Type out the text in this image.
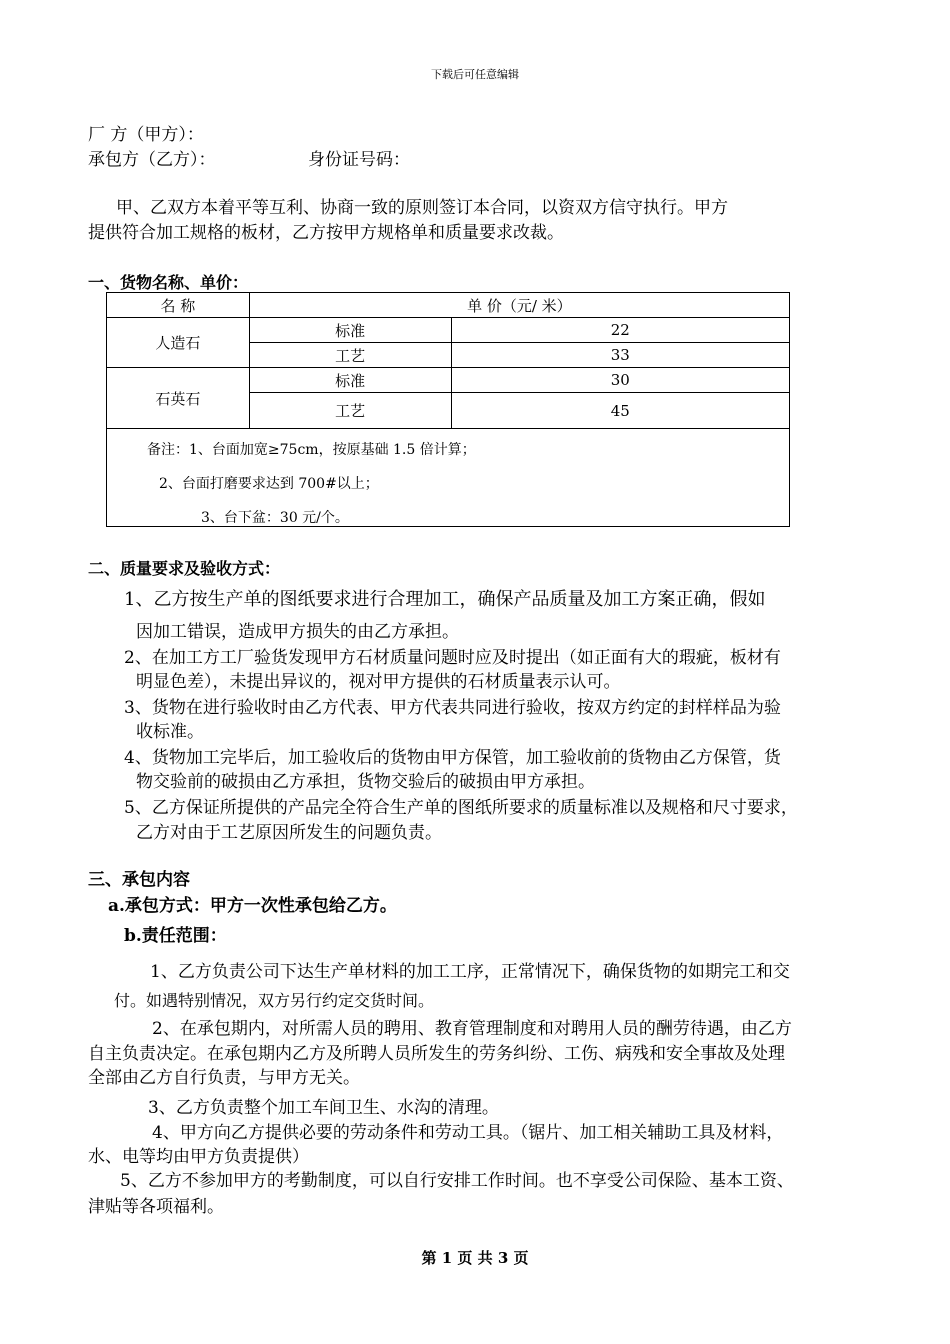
下载后可任意编辑
厂 方（甲方）：
承包方（乙方）：	身份证号码：
甲、乙双方本着平等互利、协商一致的原则签订本合同，以资双方信守执行。甲方
提供符合加工规格的板材，乙方按甲方规格单和质量要求改裁。
一、货物名称、单价：
名 称	单 价（元/ 米）	
人造石	标准	22
	工艺	33
石英石	标准	30
	工艺	45

备注：1、台面加宽≥75cm，按原基础 1.5 倍计算；
2、台面打磨要求达到 700#以上；
3、台下盆：30 元/个。		
二、质量要求及验收方式：
1、乙方按生产单的图纸要求进行合理加工，确保产品质量及加工方案正确，假如
因加工错误，造成甲方损失的由乙方承担。
2、在加工方工厂验货发现甲方石材质量问题时应及时提出（如正面有大的瑕疵，板材有
明显色差），未提出异议的，视对甲方提供的石材质量表示认可。
3、货物在进行验收时由乙方代表、甲方代表共同进行验收，按双方约定的封样样品为验
收标准。
4、货物加工完毕后，加工验收后的货物由甲方保管，加工验收前的货物由乙方保管，货
物交验前的破损由乙方承担，货物交验后的破损由甲方承担。
5、乙方保证所提供的产品完全符合生产单的图纸所要求的质量标准以及规格和尺寸要求，
乙方对由于工艺原因所发生的问题负责。
三、承包内容
a.承包方式：甲方一次性承包给乙方。
b.责任范围：
1、乙方负责公司下达生产单材料的加工工序，正常情况下，确保货物的如期完工和交
付。如遇特别情况，双方另行约定交货时间。
2、在承包期内，对所需人员的聘用、教育管理制度和对聘用人员的酬劳待遇，由乙方
自主负责决定。在承包期内乙方及所聘人员所发生的劳务纠纷、工伤、病残和安全事故及处理
全部由乙方自行负责，与甲方无关。
3、乙方负责整个加工车间卫生、水沟的清理。
4、甲方向乙方提供必要的劳动条件和劳动工具。（锯片、加工相关辅助工具及材料，
水、电等均由甲方负责提供）
5、乙方不参加甲方的考勤制度，可以自行安排工作时间。也不享受公司保险、基本工资、
津贴等各项福利。
第 1 页 共 3 页
